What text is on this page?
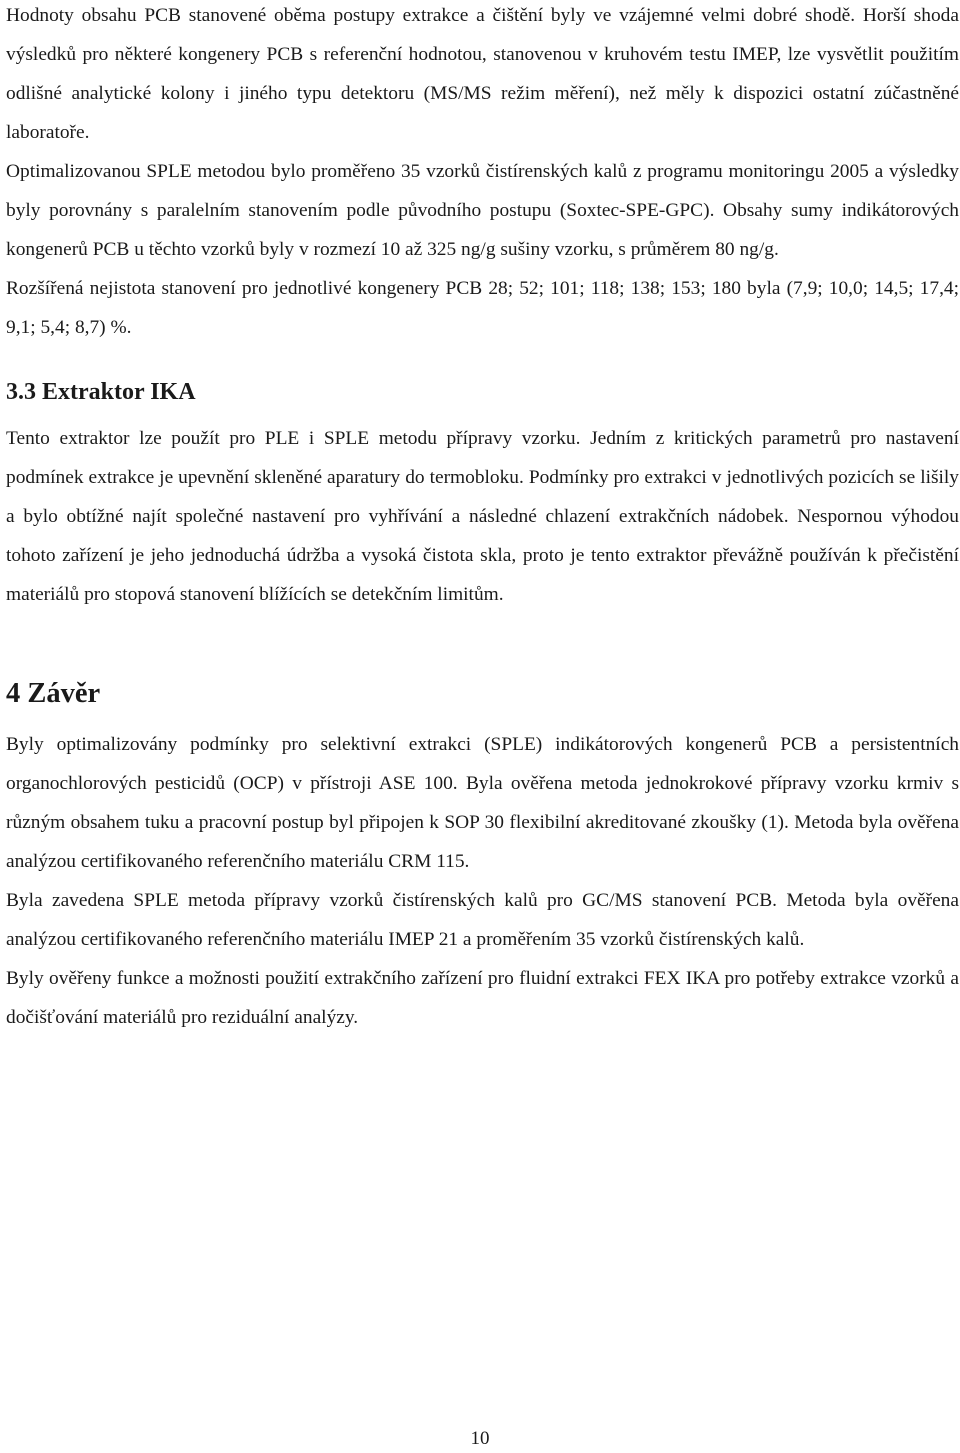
Hodnoty obsahu PCB stanovené oběma postupy extrakce a čištění byly ve vzájemné velmi dobré shodě. Horší shoda výsledků pro některé kongenery PCB s referenční hodnotou, stanovenou v kruhovém testu IMEP, lze vysvětlit použitím odlišné analytické kolony i jiného typu detektoru (MS/MS režim měření), než měly k dispozici ostatní zúčastněné laboratoře.

Optimalizovanou SPLE metodou bylo proměřeno 35 vzorků čistírenských kalů z programu monitoringu 2005 a výsledky byly porovnány s paralelním stanovením podle původního postupu (Soxtec-SPE-GPC). Obsahy sumy indikátorových kongenerů PCB u těchto vzorků byly v rozmezí 10 až 325 ng/g sušiny vzorku, s průměrem 80 ng/g.

Rozšířená nejistota stanovení pro jednotlivé kongenery PCB 28; 52; 101; 118; 138; 153; 180 byla (7,9; 10,0; 14,5; 17,4; 9,1; 5,4; 8,7) %.

3.3 Extraktor IKA

Tento extraktor lze použít pro PLE i SPLE metodu přípravy vzorku. Jedním z kritických parametrů pro nastavení podmínek extrakce je upevnění skleněné aparatury do termobloku. Podmínky pro extrakci v jednotlivých pozicích se lišily a bylo obtížné najít společné nastavení pro vyhřívání a následné chlazení extrakčních nádobek. Nespornou výhodou tohoto zařízení je jeho jednoduchá údržba a vysoká čistota skla, proto je tento extraktor převážně používán k přečistění materiálů pro stopová stanovení blížících se detekčním limitům.

4 Závěr

Byly optimalizovány podmínky pro selektivní extrakci (SPLE) indikátorových kongenerů PCB a persistentních organochlorových pesticidů (OCP) v přístroji ASE 100. Byla ověřena metoda jednokrokové přípravy vzorku krmiv s různým obsahem tuku a pracovní postup byl připojen k SOP 30 flexibilní akreditované zkoušky (1). Metoda byla ověřena analýzou certifikovaného referenčního materiálu CRM 115.

Byla zavedena SPLE metoda přípravy vzorků čistírenských kalů pro GC/MS stanovení PCB. Metoda byla ověřena analýzou certifikovaného referenčního materiálu IMEP 21 a proměřením 35 vzorků čistírenských kalů.

Byly ověřeny funkce a možnosti použití extrakčního zařízení pro fluidní extrakci FEX IKA pro potřeby extrakce vzorků a dočišťování materiálů pro reziduální analýzy.

10
